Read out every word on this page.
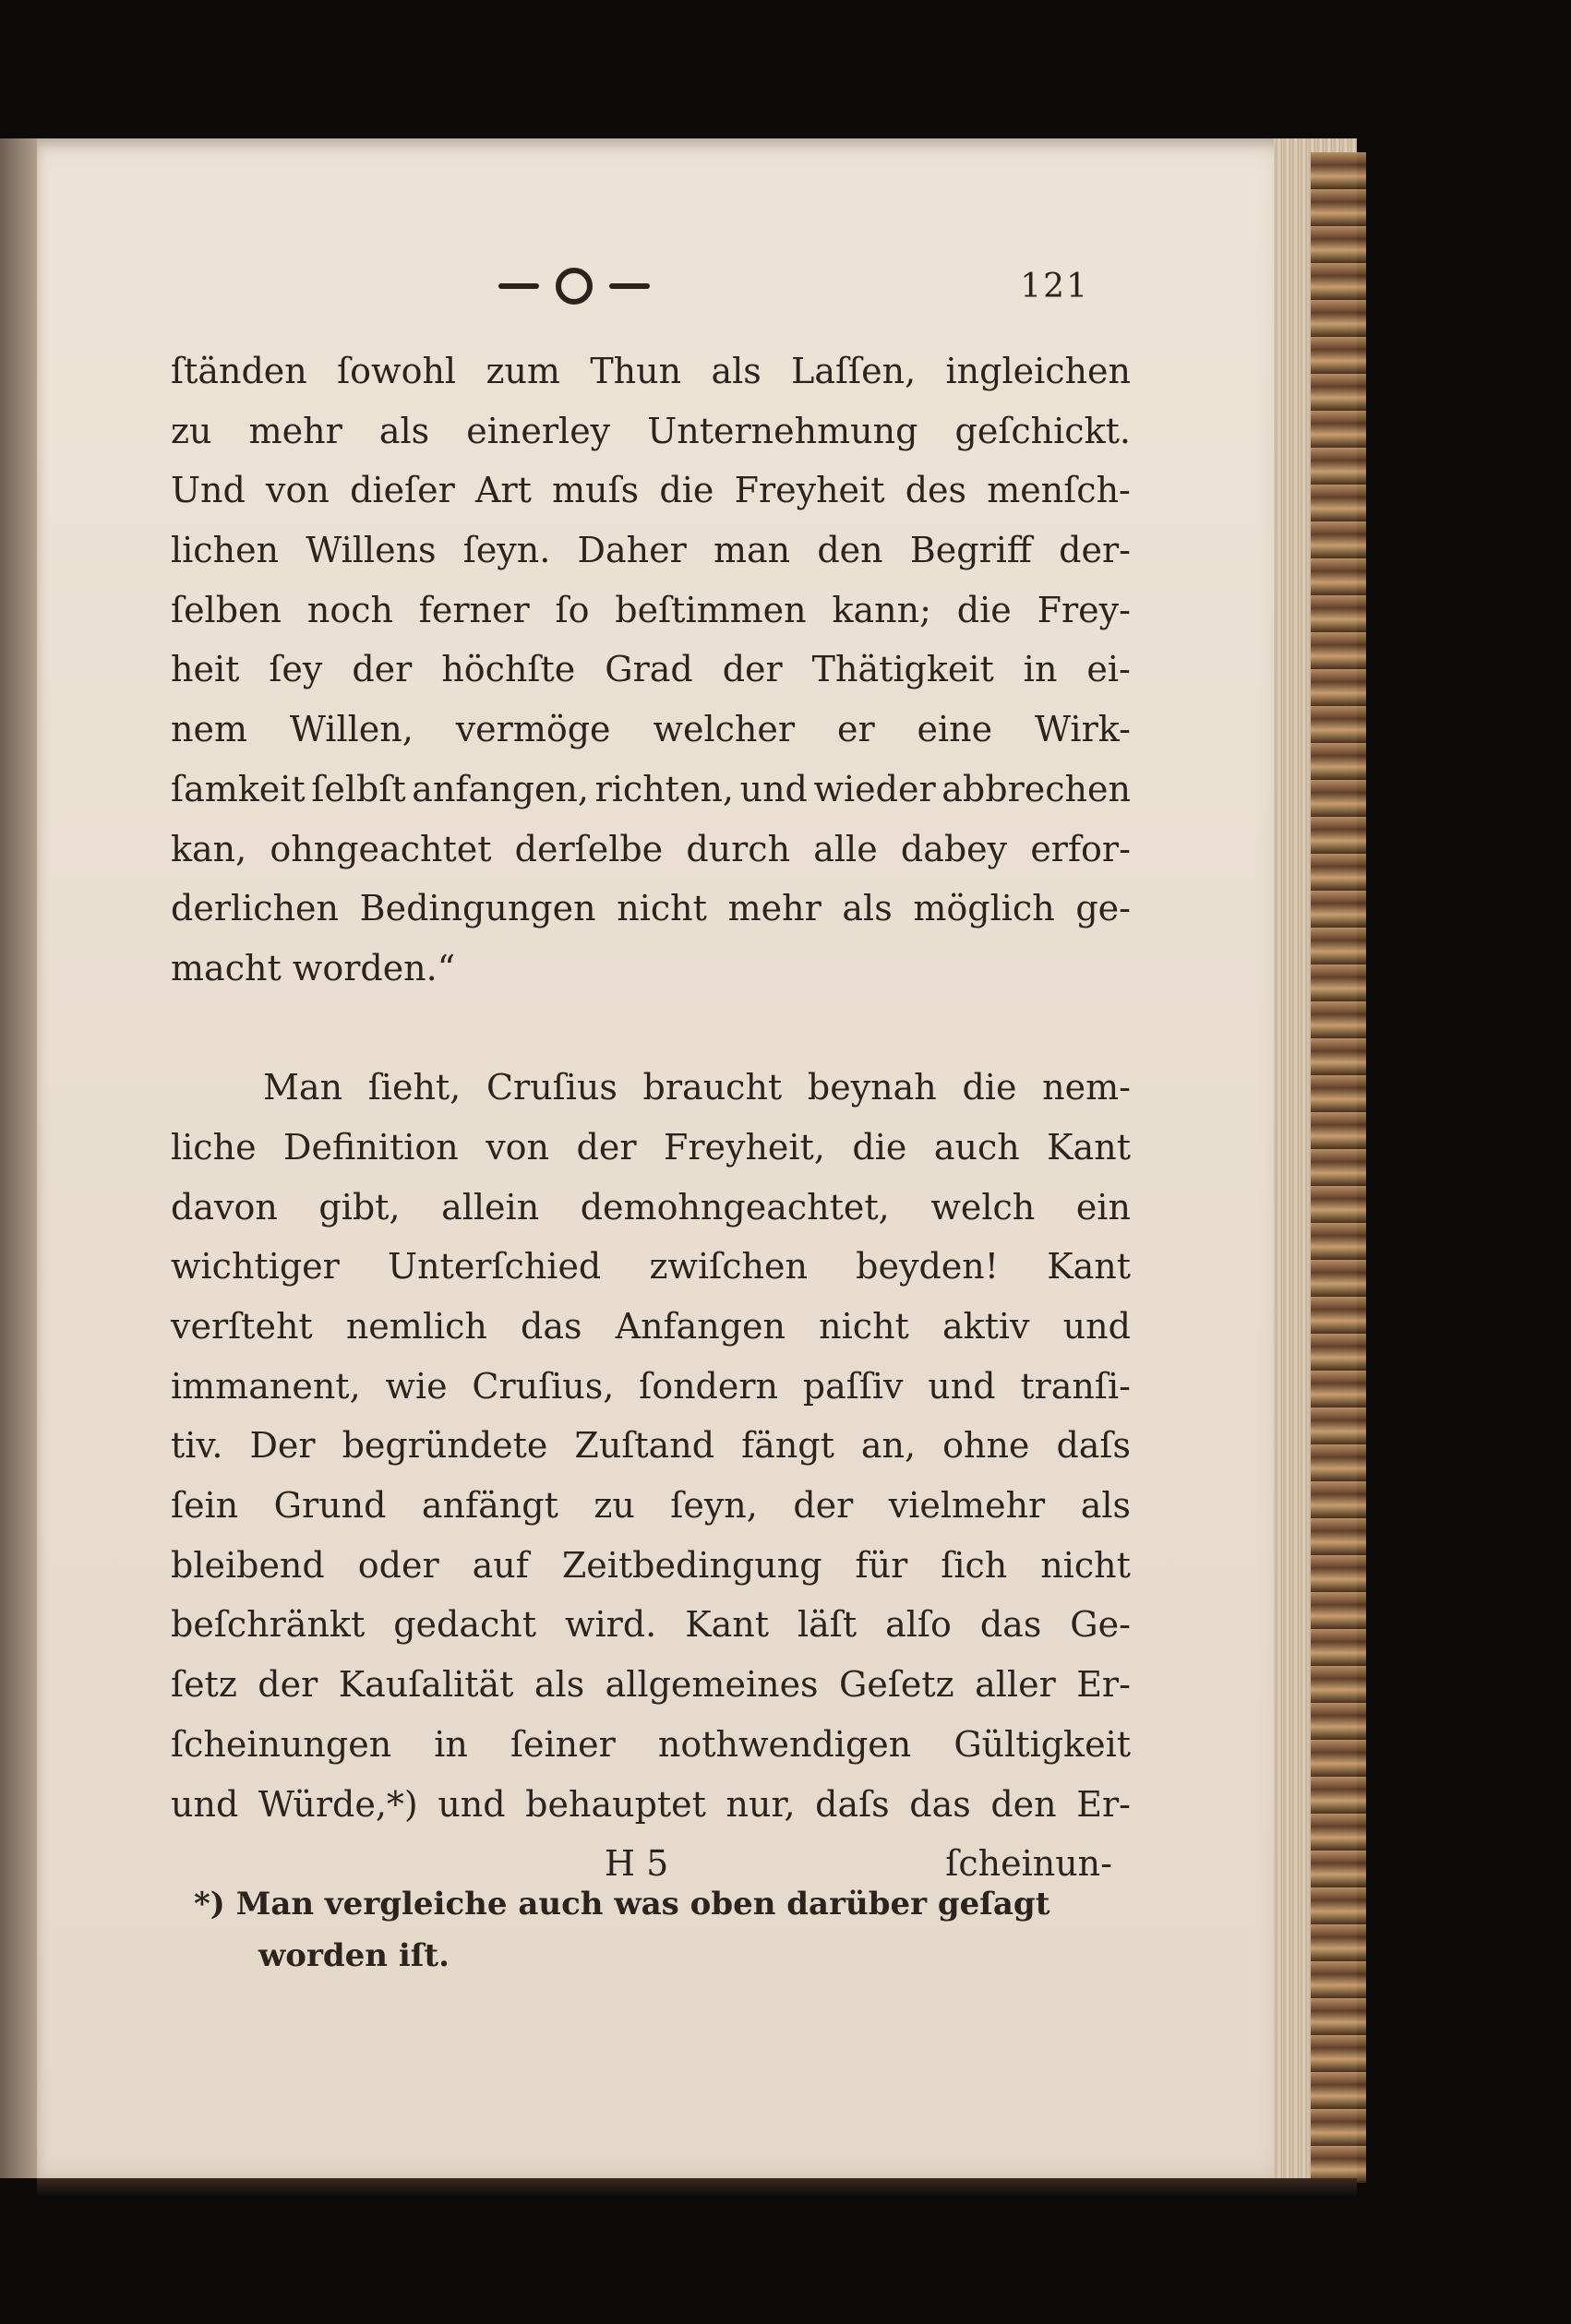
121
ſtänden ſowohl zum Thun als Laſſen, ingleichen
zu mehr als einerley Unternehmung geſchickt.
Und von dieſer Art muſs die Freyheit des menſch-
lichen Willens ſeyn. Daher man den Begriff der-
ſelben noch ferner ſo beſtimmen kann; die Frey-
heit ſey der höchſte Grad der Thätigkeit in ei-
nem Willen, vermöge welcher er eine Wirk-
ſamkeit ſelbſt anfangen, richten, und wieder abbrechen
kan, ohngeachtet derſelbe durch alle dabey erfor-
derlichen Bedingungen nicht mehr als möglich ge-
macht worden.“
Man ſieht, Cruſius braucht beynah die nem-
liche Definition von der Freyheit, die auch Kant
davon gibt, allein demohngeachtet, welch ein
wichtiger Unterſchied zwiſchen beyden! Kant
verſteht nemlich das Anfangen nicht aktiv und
immanent, wie Cruſius, ſondern paſſiv und tranſi-
tiv. Der begründete Zuſtand fängt an, ohne daſs
ſein Grund anfängt zu ſeyn, der vielmehr als
bleibend oder auf Zeitbedingung für ſich nicht
beſchränkt gedacht wird. Kant läſt alſo das Ge-
ſetz der Kauſalität als allgemeines Geſetz aller Er-
ſcheinungen in ſeiner nothwendigen Gültigkeit
und Würde,*) und behauptet nur, daſs das den Er-
H 5	ſcheinun-
*) Man vergleiche auch was oben darüber geſagt
worden iſt.
